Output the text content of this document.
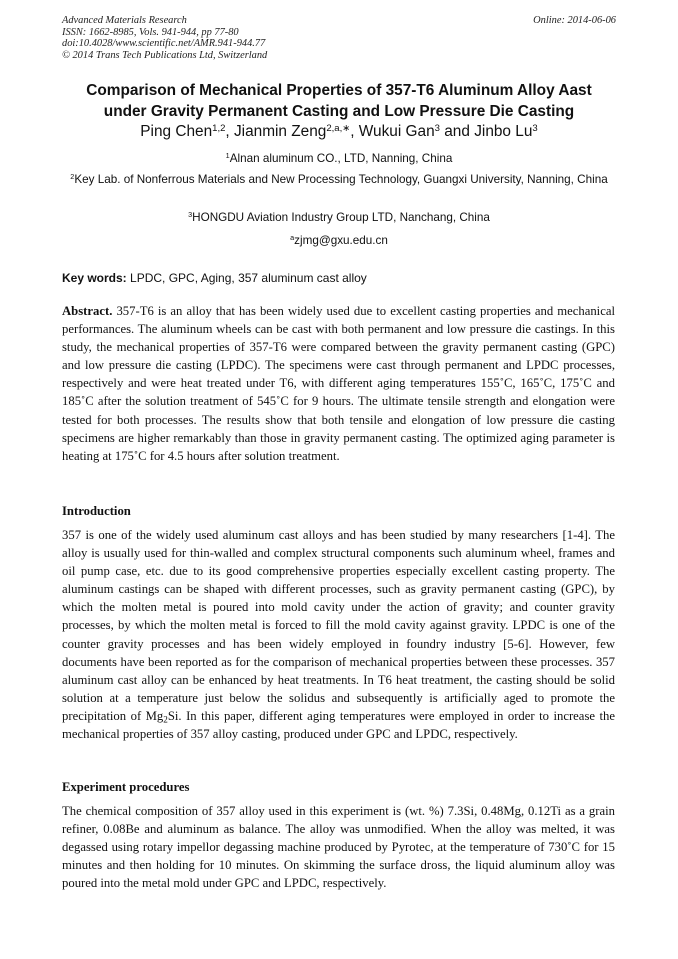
Advanced Materials Research
ISSN: 1662-8985, Vols. 941-944, pp 77-80
doi:10.4028/www.scientific.net/AMR.941-944.77
© 2014 Trans Tech Publications Ltd, Switzerland
Online: 2014-06-06
Comparison of Mechanical Properties of 357-T6 Aluminum Alloy Aast
under Gravity Permanent Casting and Low Pressure Die Casting
Ping Chen$^{1,2}$, Jianmin Zeng$^{2,a,∗}$, Wukui Gan$^3$ and Jinbo Lu$^3$
$^1$Alnan aluminum CO., LTD, Nanning, China
$^2$Key Lab. of Nonferrous Materials and New Processing Technology, Guangxi University, Nanning, China
$^3$HONGDU Aviation Industry Group LTD, Nanchang, China
$^a$zjmg@gxu.edu.cn
Key words: LPDC, GPC, Aging, 357 aluminum cast alloy
Abstract. 357-T6 is an alloy that has been widely used due to excellent casting properties and mechanical performances. The aluminum wheels can be cast with both permanent and low pressure die castings. In this study, the mechanical properties of 357-T6 were compared between the gravity permanent casting (GPC) and low pressure die casting (LPDC). The specimens were cast through permanent and LPDC processes, respectively and were heat treated under T6, with different aging temperatures 155˚C, 165˚C, 175˚C and 185˚C after the solution treatment of 545˚C for 9 hours. The ultimate tensile strength and elongation were tested for both processes. The results show that both tensile and elongation of low pressure die casting specimens are higher remarkably than those in gravity permanent casting. The optimized aging parameter is heating at 175˚C for 4.5 hours after solution treatment.
Introduction
357 is one of the widely used aluminum cast alloys and has been studied by many researchers [1-4]. The alloy is usually used for thin-walled and complex structural components such aluminum wheel, frames and oil pump case, etc. due to its good comprehensive properties especially excellent casting property. The aluminum castings can be shaped with different processes, such as gravity permanent casting (GPC), by which the molten metal is poured into mold cavity under the action of gravity; and counter gravity processes, by which the molten metal is forced to fill the mold cavity against gravity. LPDC is one of the counter gravity processes and has been widely employed in foundry industry [5-6]. However, few documents have been reported as for the comparison of mechanical properties between these processes. 357 aluminum cast alloy can be enhanced by heat treatments. In T6 heat treatment, the casting should be solid solution at a temperature just below the solidus and subsequently is artificially aged to promote the precipitation of $Mg_2Si$. In this paper, different aging temperatures were employed in order to increase the mechanical properties of 357 alloy casting, produced under GPC and LPDC, respectively.
Experiment procedures
The chemical composition of 357 alloy used in this experiment is (wt. %) 7.3Si, 0.48Mg, 0.12Ti as a grain refiner, 0.08Be and aluminum as balance. The alloy was unmodified. When the alloy was melted, it was degassed using rotary impellor degassing machine produced by Pyrotec, at the temperature of 730˚C for 15 minutes and then holding for 10 minutes. On skimming the surface dross, the liquid aluminum alloy was poured into the metal mold under GPC and LPDC, respectively.
